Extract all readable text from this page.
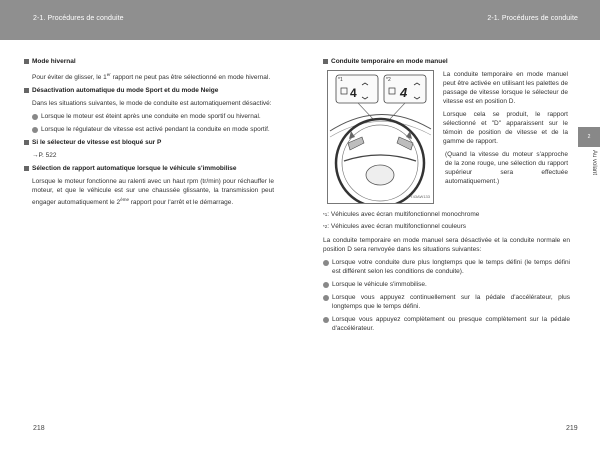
2-1. Procédures de conduite	2-1. Procédures de conduite
Mode hivernal
Pour éviter de glisser, le 1er rapport ne peut pas être sélectionné en mode hivernal.
Désactivation automatique du mode Sport et du mode Neige
Dans les situations suivantes, le mode de conduite est automatiquement désactivé:
Lorsque le moteur est éteint après une conduite en mode sportif ou hivernal.
Lorsque le régulateur de vitesse est activé pendant la conduite en mode sportif.
Si le sélecteur de vitesse est bloqué sur P
→P. 522
Sélection de rapport automatique lorsque le véhicule s'immobilise
Lorsque le moteur fonctionne au ralenti avec un haut rpm (tr/min) pour réchauffer le moteur, et que le véhicule est sur une chaussée glissante, la transmission peut engager automatiquement le 2ème rapport pour l'arrêt et le démarrage.
Conduite temporaire en mode manuel
*1	*2
4	4
ITY43AW133
La conduite temporaire en mode manuel peut être activée en utilisant les palettes de passage de vitesse lorsque le sélecteur de vitesse est en position D.
Lorsque cela se produit, le rapport sélectionné et "D" apparaissent sur le témoin de position de vitesse et de la gamme de rapport.
(Quand la vitesse du moteur s'approche de la zone rouge, une sélection du rapport supérieur sera effectuée automatiquement.)
*1 : Véhicules avec écran multifonctionnel monochrome
*2 : Véhicules avec écran multifonctionnel couleurs
La conduite temporaire en mode manuel sera désactivée et la conduite normale en position D sera renvoyée dans les situations suivantes:
Lorsque votre conduite dure plus longtemps que le temps défini (le temps défini est différent selon les conditions de conduite).
Lorsque le véhicule s'immobilise.
Lorsque vous appuyez continuellement sur la pédale d'accélérateur, plus longtemps que le temps défini.
Lorsque vous appuyez complètement ou presque complètement sur la pédale d'accélérateur.
2
Au volant
218	219
